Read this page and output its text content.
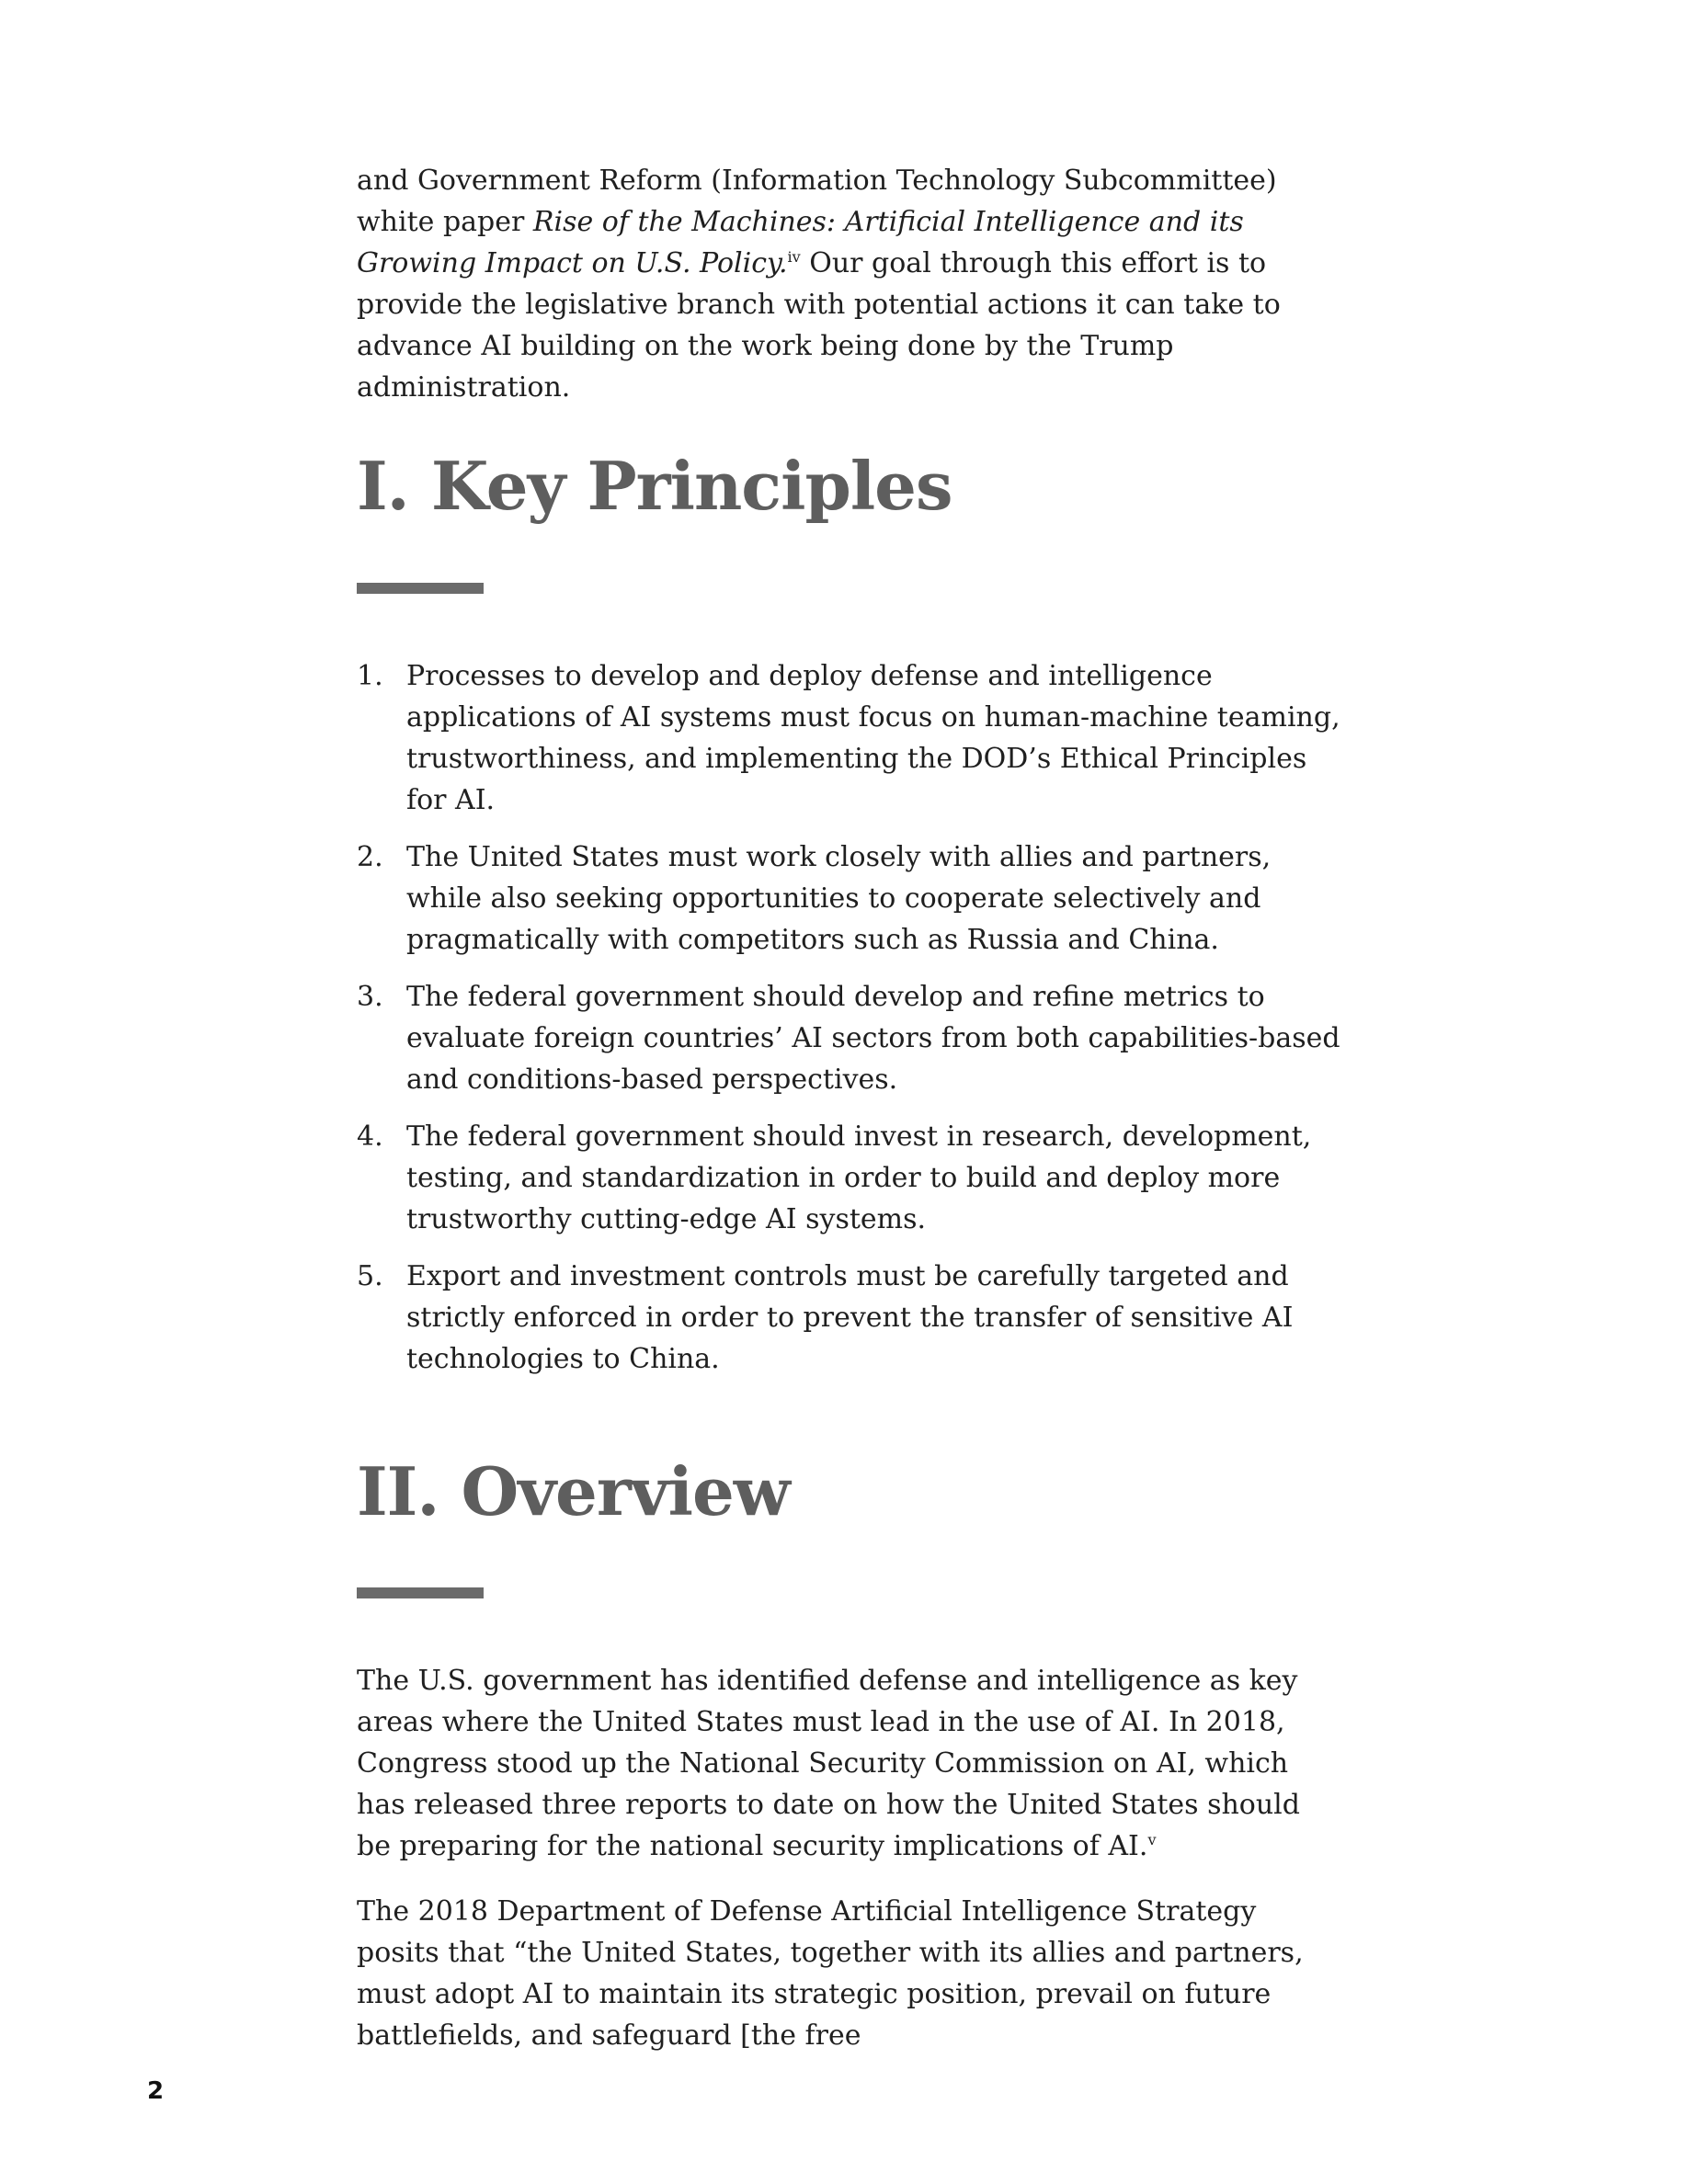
and Government Reform (Information Technology Subcommittee) white paper Rise of the Machines: Artificial Intelligence and its Growing Impact on U.S. Policy.$^{iv}$ Our goal through this effort is to provide the legislative branch with potential actions it can take to advance AI building on the work being done by the Trump administration.

I. Key Principles
1. Processes to develop and deploy defense and intelligence applications of AI systems must focus on human-machine teaming, trustworthiness, and implementing the DOD’s Ethical Principles for AI.
2. The United States must work closely with allies and partners, while also seeking opportunities to cooperate selectively and pragmatically with competitors such as Russia and China.
3. The federal government should develop and refine metrics to evaluate foreign countries’ AI sectors from both capabilities-based and conditions-based perspectives.
4. The federal government should invest in research, development, testing, and standardization in order to build and deploy more trustworthy cutting-edge AI systems.
5. Export and investment controls must be carefully targeted and strictly enforced in order to prevent the transfer of sensitive AI technologies to China.
II. Overview

The U.S. government has identified defense and intelligence as key areas where the United States must lead in the use of AI. In 2018, Congress stood up the National Security Commission on AI, which has released three reports to date on how the United States should be preparing for the national security implications of AI.$^v$

The 2018 Department of Defense Artificial Intelligence Strategy posits that “the United States, together with its allies and partners, must adopt AI to maintain its strategic position, prevail on future battlefields, and safeguard [the free

2
